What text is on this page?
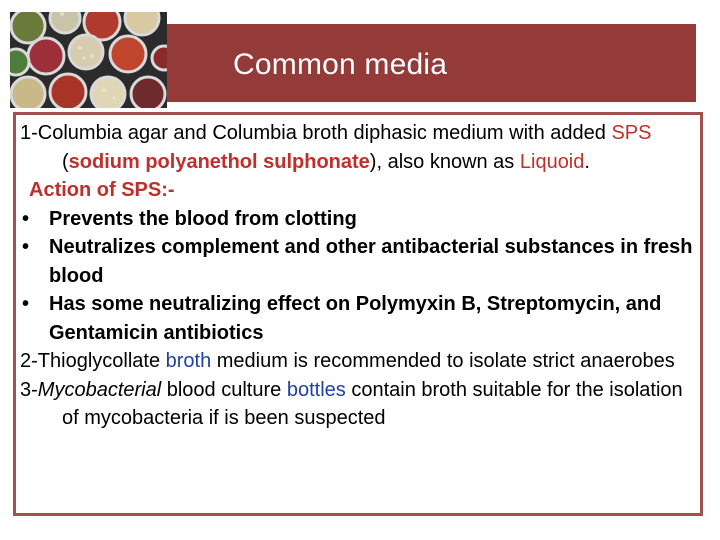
Common media

1-Columbia agar and Columbia broth diphasic medium with added SPS (sodium polyanethol sulphonate), also known as Liquoid.

Action of SPS:-

• Prevents the blood from clotting

• Neutralizes complement and other antibacterial substances in fresh blood

• Has some neutralizing effect on Polymyxin B, Streptomycin, and Gentamicin antibiotics

2-Thioglycollate broth medium is recommended to isolate strict anaerobes

3-Mycobacterial blood culture bottles contain broth suitable for the isolation of mycobacteria if is been suspected
